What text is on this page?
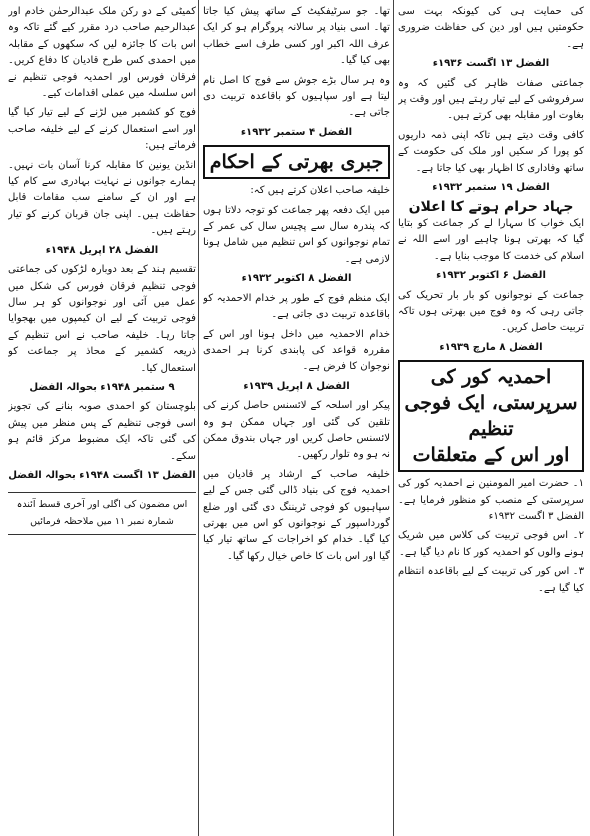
کی حمایت ہی کی کیونکہ بہت سی حکومتیں ہیں اور دین کی حفاظت ضروری ہے۔

الفضل ۱۳ اگست ۱۹۳۶ء

جماعتی صفات ظاہر کی گئیں کہ وہ سرفروشی کے لیے تیار رہتے ہیں اور وقت پر بغاوت اور مقابلہ بھی کرتے ہیں۔

کافی وقت دیتے ہیں تاکہ اپنی ذمہ داریوں کو پورا کر سکیں اور ملک کی حکومت کے ساتھ وفاداری کا اظہار بھی کیا جاتا ہے۔

الفضل ۱۹ ستمبر ۱۹۳۲ء

جہاد حرام ہوتے کا اعلان

ایک خواب کا سہارا لے کر جماعت کو بتایا گیا کہ بھرتی ہونا چاہیے اور اسے اللہ نے اسلام کی خدمت کا موجب بنایا ہے۔

الفضل ۶ اکتوبر ۱۹۳۲ء

جماعت کے نوجوانوں کو بار بار تحریک کی جاتی رہی کہ وہ فوج میں بھرتی ہوں تاکہ تربیت حاصل کریں۔

الفضل ۸ مارچ ۱۹۳۹ء

احمدیہ کور کی سرپرستی، ایک فوجی تنظیم
اور اس کے متعلقات

۱۔ حضرت امیر المومنین نے احمدیہ کور کی سرپرستی کے منصب کو منظور فرمایا ہے۔ الفضل ۳ اگست ۱۹۳۲ء

۲۔ اس فوجی تربیت کی کلاس میں شریک ہونے والوں کو احمدیہ کور کا نام دیا گیا ہے۔

۳۔ اس کور کی تربیت کے لیے باقاعدہ انتظام کیا گیا ہے۔

تھا۔ جو سرٹیفکیٹ کے ساتھ پیش کیا جاتا تھا۔ اسی بنیاد پر سالانہ پروگرام ہو کر ایک عرف اللہ اکبر اور کسی طرف اسے خطاب بھی کیا گیا۔

وہ ہر سال بڑے جوش سے فوج کا اصل نام لیتا ہے اور سپاہیوں کو باقاعدہ تربیت دی جاتی ہے۔

الفضل ۴ ستمبر ۱۹۳۲ء

جبری بھرتی کے احکام

خلیفہ صاحب اعلان کرتے ہیں کہ:

میں ایک دفعہ پھر جماعت کو توجہ دلاتا ہوں کہ پندرہ سال سے پچیس سال کی عمر کے تمام نوجوانوں کو اس تنظیم میں شامل ہونا لازمی ہے۔

الفضل ۸ اکتوبر ۱۹۳۲ء

ایک منظم فوج کے طور پر خدام الاحمدیہ کو باقاعدہ تربیت دی جاتی ہے۔

خدام الاحمدیہ میں داخل ہونا اور اس کے مقررہ قواعد کی پابندی کرنا ہر احمدی نوجوان کا فرض ہے۔

الفضل ۸ اپریل ۱۹۳۹ء

پیکر اور اسلحہ کے لائسنس حاصل کرنے کی تلقین کی گئی اور جہاں ممکن ہو وہ لائسنس حاصل کریں اور جہاں بندوق ممکن نہ ہو وہ تلوار رکھیں۔

خلیفہ صاحب کے ارشاد پر قادیان میں احمدیہ فوج کی بنیاد ڈالی گئی جس کے لیے سپاہیوں کو فوجی ٹریننگ دی گئی اور ضلع گورداسپور کے نوجوانوں کو اس میں بھرتی کیا گیا۔ خدام کو اخراجات کے ساتھ تیار کیا گیا اور اس بات کا خاص خیال رکھا گیا۔

کمیٹی کے دو رکن ملک عبدالرحمٰن خادم اور عبدالرحیم صاحب درد مقرر کیے گئے تاکہ وہ اس بات کا جائزہ لیں کہ سکھوں کے مقابلہ میں احمدی کس طرح قادیان کا دفاع کریں۔ فرقان فورس اور احمدیہ فوجی تنظیم نے اس سلسلہ میں عملی اقدامات کیے۔

فوج کو کشمیر میں لڑنے کے لیے تیار کیا گیا اور اسے استعمال کرنے کے لیے خلیفہ صاحب فرماتے ہیں:

انڈین یونین کا مقابلہ کرنا آسان بات نہیں۔ ہمارے جوانوں نے نہایت بہادری سے کام کیا ہے اور ان کے سامنے سب مقامات قابل حفاظت ہیں۔ اپنی جان قربان کرنے کو تیار رہتے ہیں۔

الفضل ۲۸ اپریل ۱۹۴۸ء

تقسیم ہند کے بعد دوبارہ لڑکوں کی جماعتی فوجی تنظیم فرقان فورس کی شکل میں عمل میں آئی اور نوجوانوں کو ہر سال فوجی تربیت کے لیے ان کیمپوں میں بھجوایا جاتا رہا۔ خلیفہ صاحب نے اس تنظیم کے ذریعہ کشمیر کے محاذ پر جماعت کو استعمال کیا۔

۹ ستمبر ۱۹۴۸ء بحوالہ الفضل

بلوچستان کو احمدی صوبہ بنانے کی تجویز اسی فوجی تنظیم کے پس منظر میں پیش کی گئی تاکہ ایک مضبوط مرکز قائم ہو سکے۔

الفضل ۱۳ اگست ۱۹۴۸ء بحوالہ الفضل

اس مضمون کی اگلی اور آخری قسط آئندہ شمارہ نمبر ۱۱ میں ملاحظہ فرمائیں
